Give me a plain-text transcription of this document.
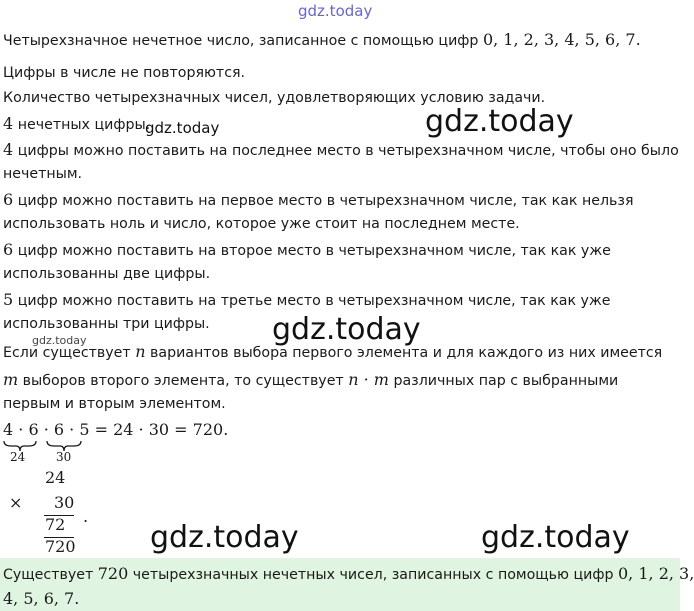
gdz.today
Четырехзначное нечетное число, записанное с помощью цифр 0, 1, 2, 3, 4, 5, 6, 7.
Цифры в числе не повторяются.
Количество четырехзначных чисел, удовлетворяющих условию задачи.
4 нечетных цифры.
4 цифры можно поставить на последнее место в четырехзначном числе, чтобы оно было
нечетным.
6 цифр можно поставить на первое место в четырехзначном числе, так как нельзя
использовать ноль и число, которое уже стоит на последнем месте.
6 цифр можно поставить на второе место в четырехзначном числе, так как уже
использованны две цифры.
5 цифр можно поставить на третье место в четырехзначном числе, так как уже
использованны три цифры.
Если существует n вариантов выбора первого элемента и для каждого из них имеется
m выборов второго элемента, то существует n · m различных пар с выбранными
первым и вторым элементом.
4 · 6 · 6 · 5 = 24 · 30 = 720.
24	30
24
× 30
72 .
720
Существует 720 четырехзначных нечетных чисел, записанных с помощью цифр 0, 1, 2, 3,
4, 5, 6, 7.
gdz.today	gdz.today
gdz.today
gdz.today
gdz.today	gdz.today
